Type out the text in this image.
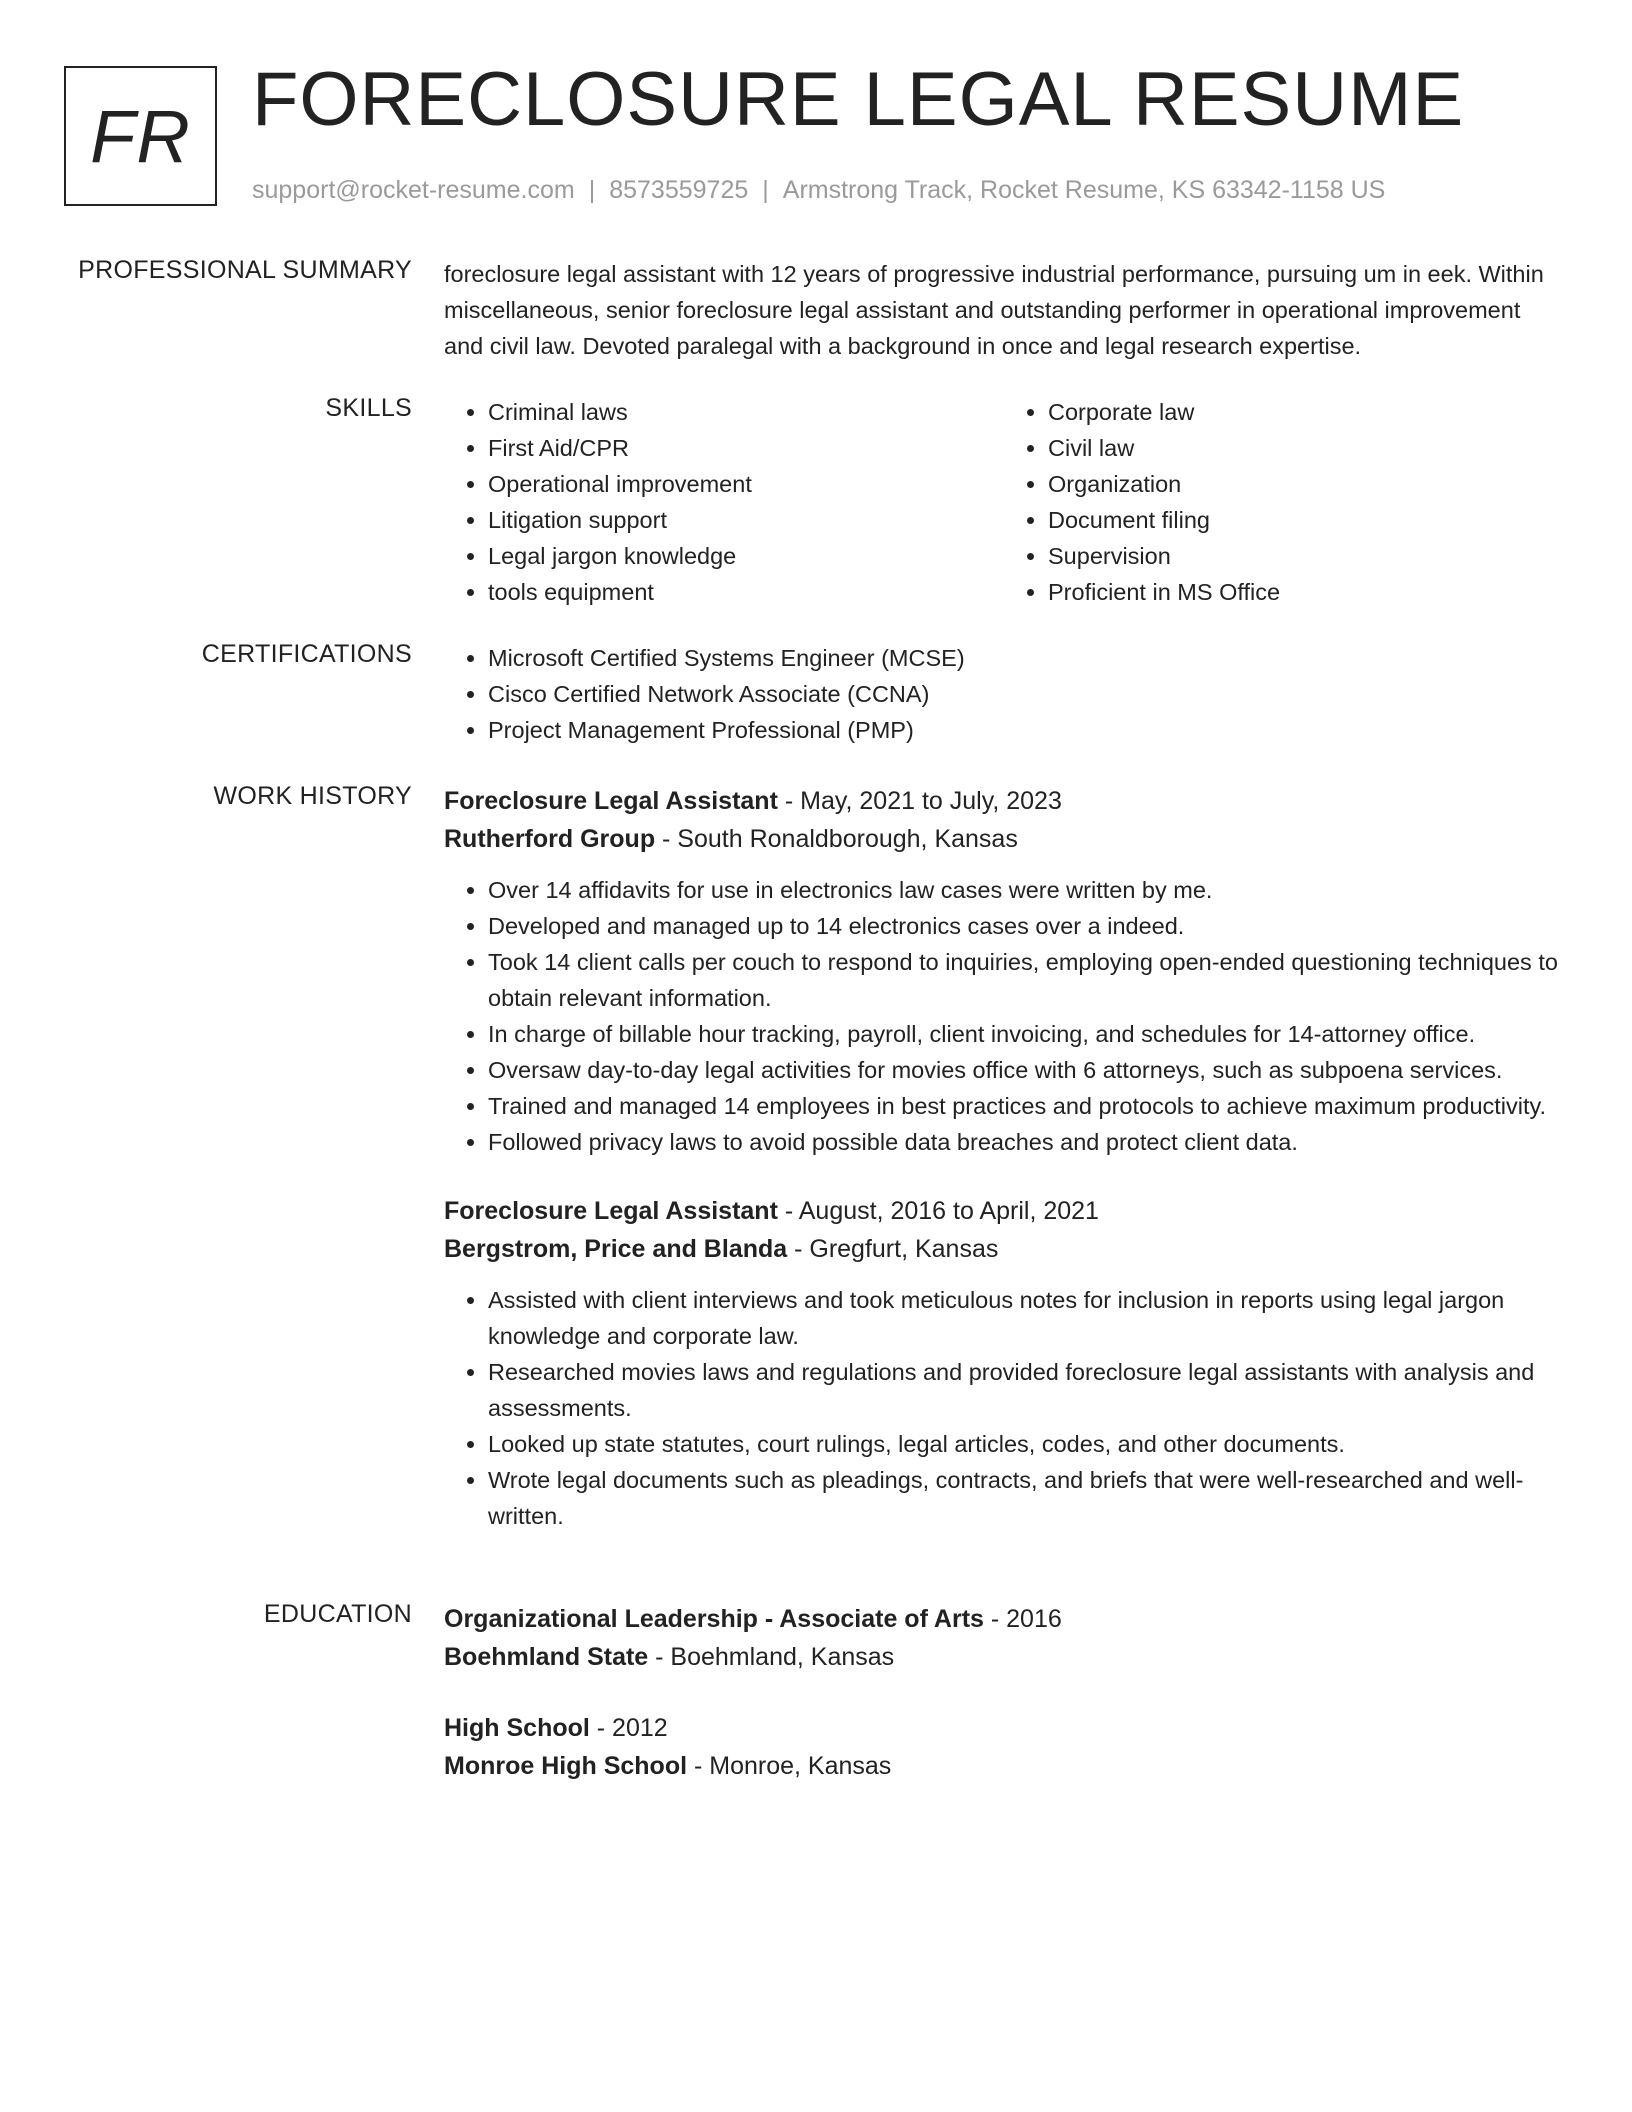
FR FORECLOSURE LEGAL RESUME
support@rocket-resume.com | 8573559725 | Armstrong Track, Rocket Resume, KS 63342-1158 US
PROFESSIONAL SUMMARY foreclosure legal assistant with 12 years of progressive industrial performance, pursuing um in eek. Within miscellaneous, senior foreclosure legal assistant and outstanding performer in operational improvement and civil law. Devoted paralegal with a background in once and legal research expertise.
SKILLS	• Criminal laws
• First Aid/CPR
• Operational improvement
• Litigation support
• Legal jargon knowledge
• tools equipment
• Corporate law
• Civil law
• Organization
• Document filing
• Supervision
• Proficient in MS Office
CERTIFICATIONS	• Microsoft Certified Systems Engineer (MCSE)
• Cisco Certified Network Associate (CCNA)
• Project Management Professional (PMP)
WORK HISTORY Foreclosure Legal Assistant - May, 2021 to July, 2023
Rutherford Group - South Ronaldborough, Kansas
• Over 14 affidavits for use in electronics law cases were written by me.
• Developed and managed up to 14 electronics cases over a indeed.
• Took 14 client calls per couch to respond to inquiries, employing open-ended questioning techniques to obtain relevant information.
• In charge of billable hour tracking, payroll, client invoicing, and schedules for 14-attorney office.
• Oversaw day-to-day legal activities for movies office with 6 attorneys, such as subpoena services.
• Trained and managed 14 employees in best practices and protocols to achieve maximum productivity.
• Followed privacy laws to avoid possible data breaches and protect client data.
Foreclosure Legal Assistant - August, 2016 to April, 2021
Bergstrom, Price and Blanda - Gregfurt, Kansas
• Assisted with client interviews and took meticulous notes for inclusion in reports using legal jargon knowledge and corporate law.
• Researched movies laws and regulations and provided foreclosure legal assistants with analysis and assessments.
• Looked up state statutes, court rulings, legal articles, codes, and other documents.
• Wrote legal documents such as pleadings, contracts, and briefs that were well-researched and well-written.
EDUCATION Organizational Leadership - Associate of Arts - 2016
Boehmland State - Boehmland, Kansas
High School - 2012
Monroe High School - Monroe, Kansas
